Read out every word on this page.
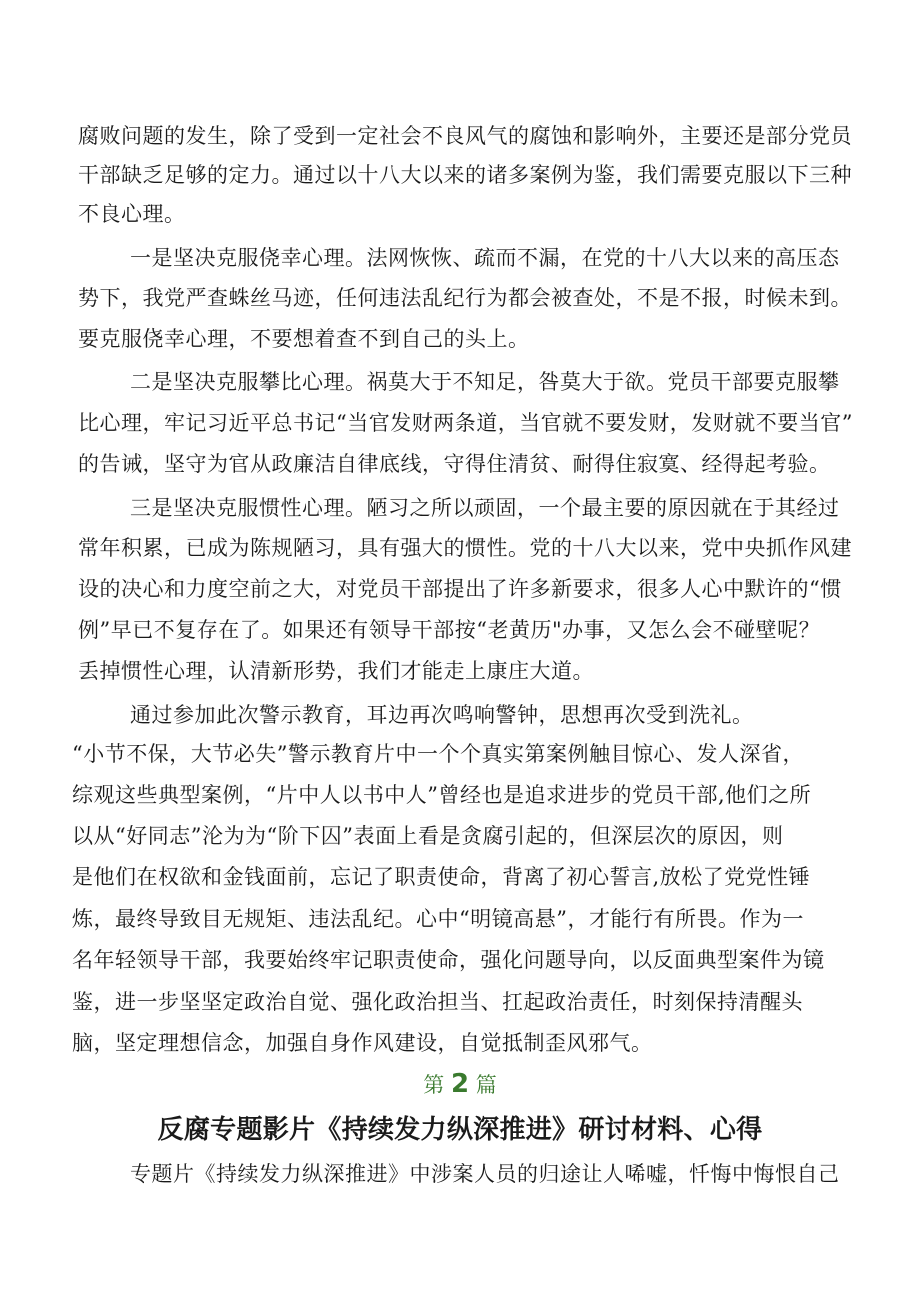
腐败问题的发生，除了受到一定社会不良风气的腐蚀和影响外，主要还是部分党员
干部缺乏足够的定力。通过以十八大以来的诸多案例为鉴，我们需要克服以下三种
不良心理。
一是坚决克服侥幸心理。法网恢恢、疏而不漏，在党的十八大以来的高压态
势下，我党严查蛛丝马迹，任何违法乱纪行为都会被查处，不是不报，时候未到。
要克服侥幸心理，不要想着查不到自己的头上。
二是坚决克服攀比心理。祸莫大于不知足，咎莫大于欲。党员干部要克服攀
比心理，牢记习近平总书记“当官发财两条道，当官就不要发财，发财就不要当官”
的告诫，坚守为官从政廉洁自律底线，守得住清贫、耐得住寂寞、经得起考验。
三是坚决克服惯性心理。陋习之所以顽固，一个最主要的原因就在于其经过
常年积累，已成为陈规陋习，具有强大的惯性。党的十八大以来，党中央抓作风建
设的决心和力度空前之大，对党员干部提出了许多新要求，很多人心中默许的“惯
例”早已不复存在了。如果还有领导干部按“老黄历"办事，又怎么会不碰壁呢？
丢掉惯性心理，认清新形势，我们才能走上康庄大道。
通过参加此次警示教育，耳边再次鸣响警钟，思想再次受到洗礼。
“小节不保，大节必失”警示教育片中一个个真实第案例触目惊心、发人深省，
综观这些典型案例，“片中人以书中人”曾经也是追求进步的党员干部,他们之所
以从“好同志”沦为为“阶下囚”表面上看是贪腐引起的，但深层次的原因，则
是他们在权欲和金钱面前，忘记了职责使命，背离了初心誓言,放松了党党性锤
炼，最终导致目无规矩、违法乱纪。心中“明镜高悬”，才能行有所畏。作为一
名年轻领导干部，我要始终牢记职责使命，强化问题导向，以反面典型案件为镜
鉴，进一步坚坚定政治自觉、强化政治担当、扛起政治责任，时刻保持清醒头
脑，坚定理想信念，加强自身作风建设，自觉抵制歪风邪气。
第 2 篇
反腐专题影片《持续发力纵深推进》研讨材料、心得
专题片《持续发力纵深推进》中涉案人员的归途让人唏嘘，忏悔中悔恨自己
